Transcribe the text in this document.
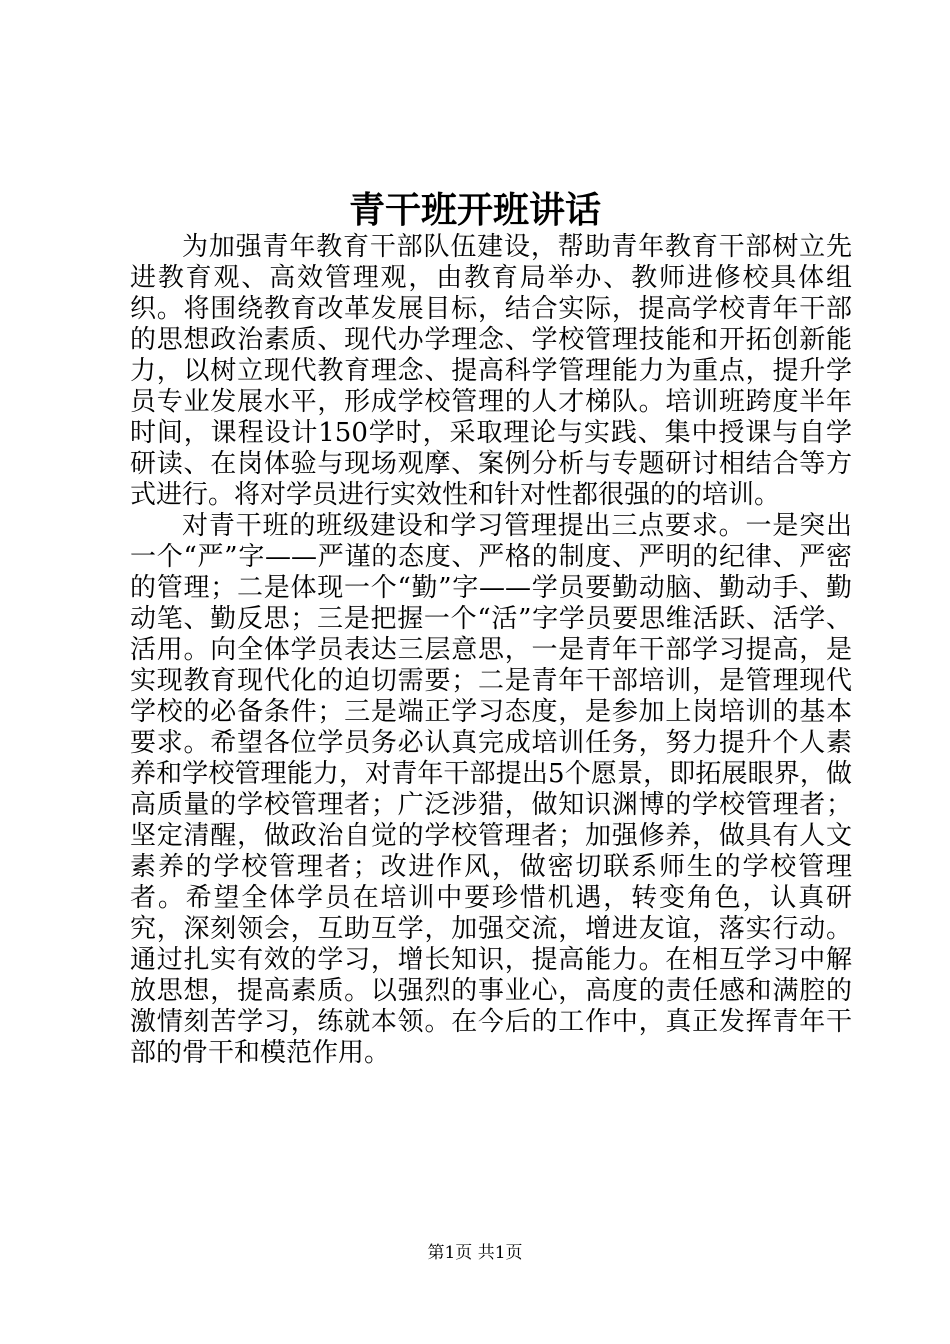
青干班开班讲话

为加强青年教育干部队伍建设，帮助青年教育干部树立先进教育观、高效管理观，由教育局举办、教师进修校具体组织。将围绕教育改革发展目标，结合实际，提高学校青年干部的思想政治素质、现代办学理念、学校管理技能和开拓创新能力，以树立现代教育理念、提高科学管理能力为重点，提升学员专业发展水平，形成学校管理的人才梯队。培训班跨度半年时间，课程设计150学时，采取理论与实践、集中授课与自学研读、在岗体验与现场观摩、案例分析与专题研讨相结合等方式进行。将对学员进行实效性和针对性都很强的的培训。

对青干班的班级建设和学习管理提出三点要求。一是突出一个“严”字——严谨的态度、严格的制度、严明的纪律、严密的管理；二是体现一个“勤”字——学员要勤动脑、勤动手、勤动笔、勤反思；三是把握一个“活”字学员要思维活跃、活学、活用。向全体学员表达三层意思，一是青年干部学习提高，是实现教育现代化的迫切需要；二是青年干部培训，是管理现代学校的必备条件；三是端正学习态度，是参加上岗培训的基本要求。希望各位学员务必认真完成培训任务，努力提升个人素养和学校管理能力，对青年干部提出5个愿景，即拓展眼界，做高质量的学校管理者；广泛涉猎，做知识渊博的学校管理者；坚定清醒，做政治自觉的学校管理者；加强修养，做具有人文素养的学校管理者；改进作风，做密切联系师生的学校管理者。希望全体学员在培训中要珍惜机遇，转变角色，认真研究，深刻领会，互助互学，加强交流，增进友谊，落实行动。通过扎实有效的学习，增长知识，提高能力。在相互学习中解放思想，提高素质。以强烈的事业心，高度的责任感和满腔的激情刻苦学习，练就本领。在今后的工作中，真正发挥青年干部的骨干和模范作用。

第1页 共1页
